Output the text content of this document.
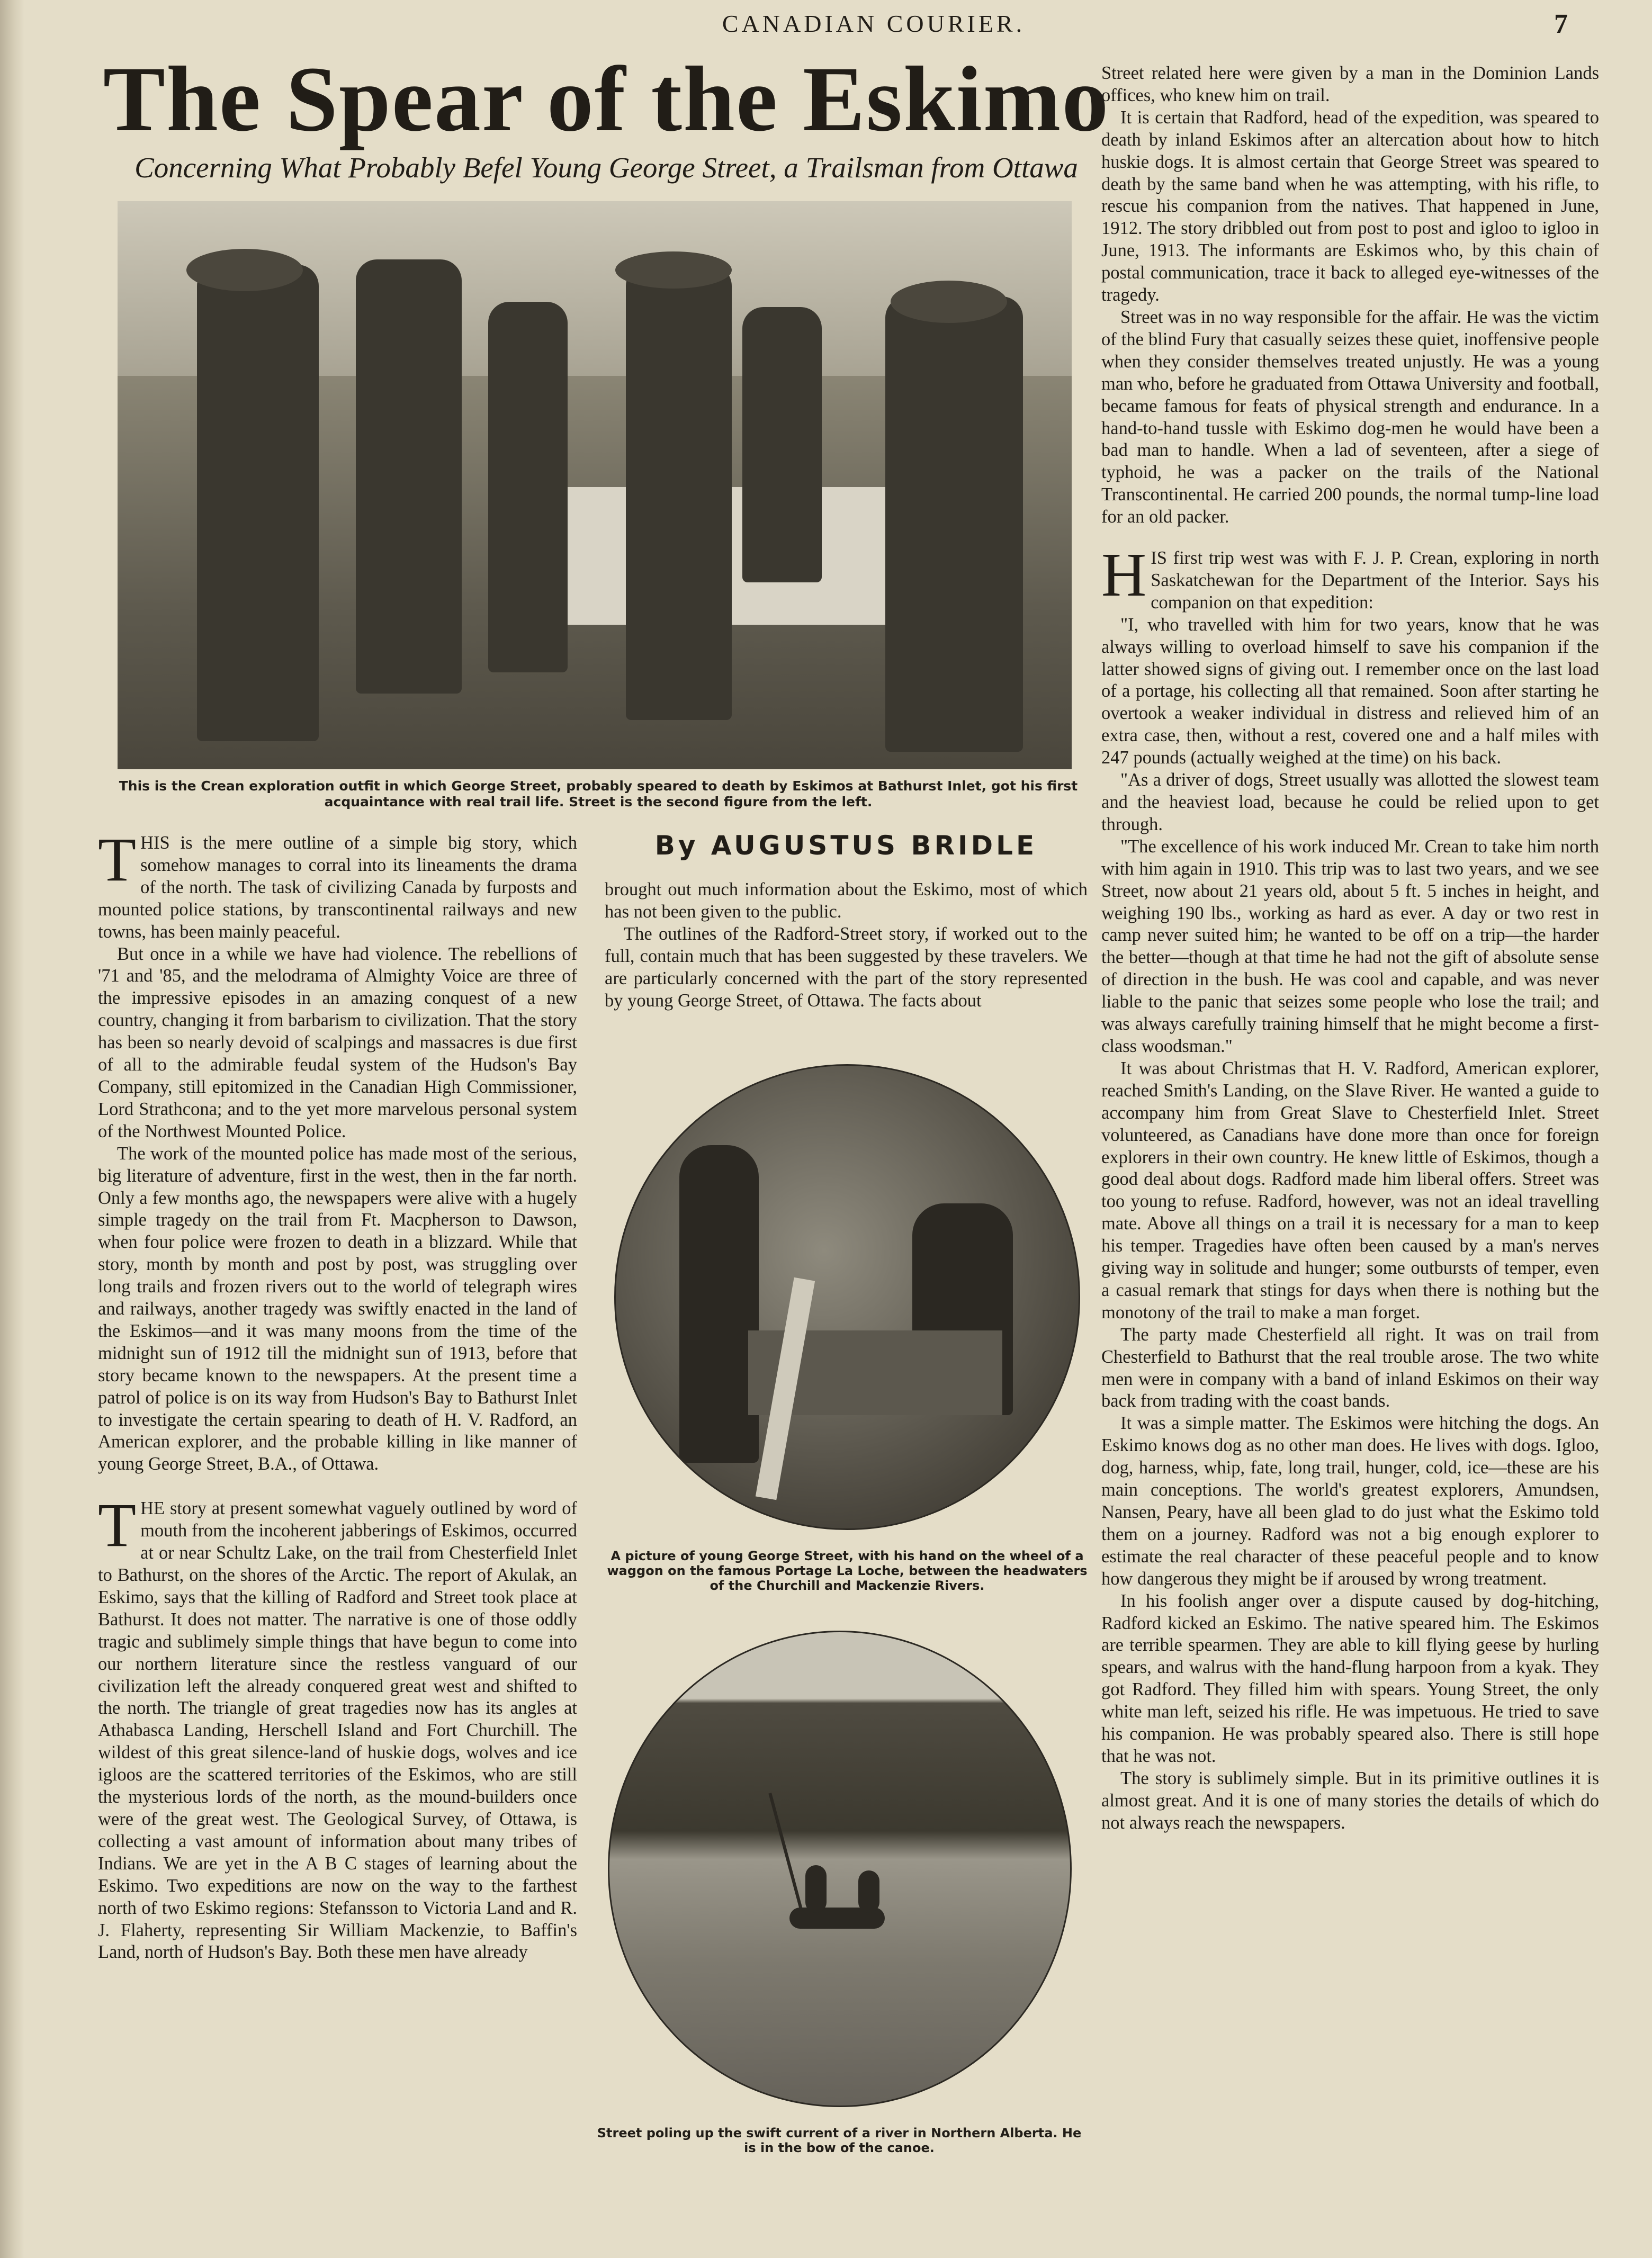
CANADIAN COURIER.	7
The Spear of the Eskimo
Concerning What Probably Befel Young George Street, a Trailsman from Ottawa
This is the Crean exploration outfit in which George Street, probably speared to death by Eskimos at Bathurst Inlet, got his first acquaintance with real trail life. Street is the second figure from the left.

THIS is the mere outline of a simple big story, which somehow manages to corral into its lineaments the drama of the north. The task of civilizing Canada by furposts and mounted police stations, by transcontinental railways and new towns, has been mainly peaceful.

But once in a while we have had violence. The rebellions of '71 and '85, and the melodrama of Almighty Voice are three of the impressive episodes in an amazing conquest of a new country, changing it from barbarism to civilization. That the story has been so nearly devoid of scalpings and massacres is due first of all to the admirable feudal system of the Hudson's Bay Company, still epitomized in the Canadian High Commissioner, Lord Strathcona; and to the yet more marvelous personal system of the Northwest Mounted Police.

The work of the mounted police has made most of the serious, big literature of adventure, first in the west, then in the far north. Only a few months ago, the newspapers were alive with a hugely simple tragedy on the trail from Ft. Macpherson to Dawson, when four police were frozen to death in a blizzard. While that story, month by month and post by post, was struggling over long trails and frozen rivers out to the world of telegraph wires and railways, another tragedy was swiftly enacted in the land of the Eskimos—and it was many moons from the time of the midnight sun of 1912 till the midnight sun of 1913, before that story became known to the newspapers. At the present time a patrol of police is on its way from Hudson's Bay to Bathurst Inlet to investigate the certain spearing to death of H. V. Radford, an American explorer, and the probable killing in like manner of young George Street, B.A., of Ottawa.

THE story at present somewhat vaguely outlined by word of mouth from the incoherent jabberings of Eskimos, occurred at or near Schultz Lake, on the trail from Chesterfield Inlet to Bathurst, on the shores of the Arctic. The report of Akulak, an Eskimo, says that the killing of Radford and Street took place at Bathurst. It does not matter. The narrative is one of those oddly tragic and sublimely simple things that have begun to come into our northern literature since the restless vanguard of our civilization left the already conquered great west and shifted to the north. The triangle of great tragedies now has its angles at Athabasca Landing, Herschell Island and Fort Churchill. The wildest of this great silence-land of huskie dogs, wolves and ice igloos are the scattered territories of the Eskimos, who are still the mysterious lords of the north, as the mound-builders once were of the great west. The Geological Survey, of Ottawa, is collecting a vast amount of information about many tribes of Indians. We are yet in the A B C stages of learning about the Eskimo. Two expeditions are now on the way to the farthest north of two Eskimo regions: Stefansson to Victoria Land and R. J. Flaherty, representing Sir William Mackenzie, to Baffin's Land, north of Hudson's Bay. Both these men have already

By AUGUSTUS BRIDLE

brought out much information about the Eskimo, most of which has not been given to the public.

The outlines of the Radford-Street story, if worked out to the full, contain much that has been suggested by these travelers. We are particularly concerned with the part of the story represented by young George Street, of Ottawa. The facts about

A picture of young George Street, with his hand on the wheel of a waggon on the famous Portage La Loche, between the headwaters of the Churchill and Mackenzie Rivers.
Street poling up the swift current of a river in Northern Alberta. He is in the bow of the canoe.

Street related here were given by a man in the Dominion Lands offices, who knew him on trail.

It is certain that Radford, head of the expedition, was speared to death by inland Eskimos after an altercation about how to hitch huskie dogs. It is almost certain that George Street was speared to death by the same band when he was attempting, with his rifle, to rescue his companion from the natives. That happened in June, 1912. The story dribbled out from post to post and igloo to igloo in June, 1913. The informants are Eskimos who, by this chain of postal communication, trace it back to alleged eye-witnesses of the tragedy.

Street was in no way responsible for the affair. He was the victim of the blind Fury that casually seizes these quiet, inoffensive people when they consider themselves treated unjustly. He was a young man who, before he graduated from Ottawa University and football, became famous for feats of physical strength and endurance. In a hand-to-hand tussle with Eskimo dog-men he would have been a bad man to handle. When a lad of seventeen, after a siege of typhoid, he was a packer on the trails of the National Transcontinental. He carried 200 pounds, the normal tump-line load for an old packer.

HIS first trip west was with F. J. P. Crean, exploring in north Saskatchewan for the Department of the Interior. Says his companion on that expedition:

"I, who travelled with him for two years, know that he was always willing to overload himself to save his companion if the latter showed signs of giving out. I remember once on the last load of a portage, his collecting all that remained. Soon after starting he overtook a weaker individual in distress and relieved him of an extra case, then, without a rest, covered one and a half miles with 247 pounds (actually weighed at the time) on his back.

"As a driver of dogs, Street usually was allotted the slowest team and the heaviest load, because he could be relied upon to get through.

"The excellence of his work induced Mr. Crean to take him north with him again in 1910. This trip was to last two years, and we see Street, now about 21 years old, about 5 ft. 5 inches in height, and weighing 190 lbs., working as hard as ever. A day or two rest in camp never suited him; he wanted to be off on a trip—the harder the better—though at that time he had not the gift of absolute sense of direction in the bush. He was cool and capable, and was never liable to the panic that seizes some people who lose the trail; and was always carefully training himself that he might become a first-class woodsman."

It was about Christmas that H. V. Radford, American explorer, reached Smith's Landing, on the Slave River. He wanted a guide to accompany him from Great Slave to Chesterfield Inlet. Street volunteered, as Canadians have done more than once for foreign explorers in their own country. He knew little of Eskimos, though a good deal about dogs. Radford made him liberal offers. Street was too young to refuse. Radford, however, was not an ideal travelling mate. Above all things on a trail it is necessary for a man to keep his temper. Tragedies have often been caused by a man's nerves giving way in solitude and hunger; some outbursts of temper, even a casual remark that stings for days when there is nothing but the monotony of the trail to make a man forget.

The party made Chesterfield all right. It was on trail from Chesterfield to Bathurst that the real trouble arose. The two white men were in company with a band of inland Eskimos on their way back from trading with the coast bands.

It was a simple matter. The Eskimos were hitching the dogs. An Eskimo knows dog as no other man does. He lives with dogs. Igloo, dog, harness, whip, fate, long trail, hunger, cold, ice—these are his main conceptions. The world's greatest explorers, Amundsen, Nansen, Peary, have all been glad to do just what the Eskimo told them on a journey. Radford was not a big enough explorer to estimate the real character of these peaceful people and to know how dangerous they might be if aroused by wrong treatment.

In his foolish anger over a dispute caused by dog-hitching, Radford kicked an Eskimo. The native speared him. The Eskimos are terrible spearmen. They are able to kill flying geese by hurling spears, and walrus with the hand-flung harpoon from a kyak. They got Radford. They filled him with spears. Young Street, the only white man left, seized his rifle. He was impetuous. He tried to save his companion. He was probably speared also. There is still hope that he was not.

The story is sublimely simple. But in its primitive outlines it is almost great. And it is one of many stories the details of which do not always reach the newspapers.
